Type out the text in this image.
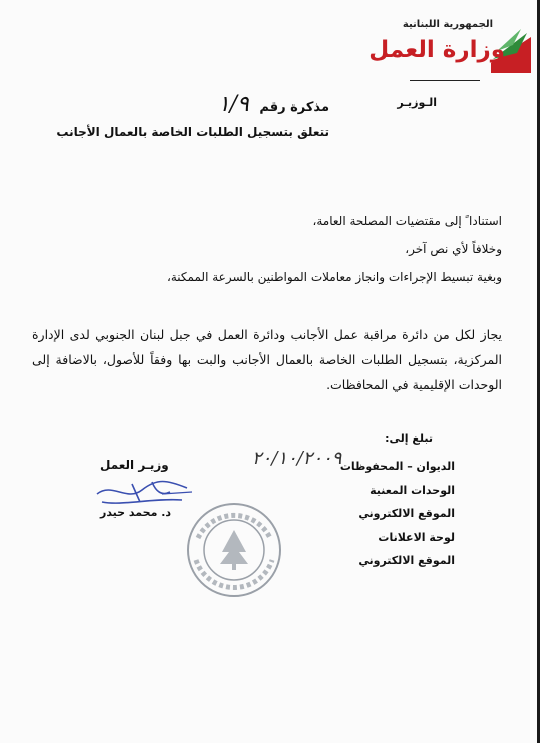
الجمهورية اللبنانية
وزارة العمل
الـوزيـر
مذكرة رقم ١/٩
تتعلق بتسجيل الطلبات الخاصة بالعمال الأجانب
استنادا ً إلى مقتضيات المصلحة العامة،
وخلافاً لأي نص آخر،
وبغية تبسيط الإجراءات وانجاز معاملات المواطنين بالسرعة الممكنة،
يجاز لكل من دائرة مراقبة عمل الأجانب ودائرة العمل في جبل لبنان الجنوبي لدى الإدارة المركزية، بتسجيل الطلبات الخاصة بالعمال الأجانب والبت بها وفقاً للأصول، بالاضافة إلى الوحدات الإقليمية في المحافظات.
تبلغ إلى:
الديوان – المحفوظات
الوحدات المعنية
الموقع الالكتروني
لوحة الاعلانات
الموقع الالكتروني
٢٠/١٠/٢٠٠٩
وزيـر العمل
د. محمد حيدر
